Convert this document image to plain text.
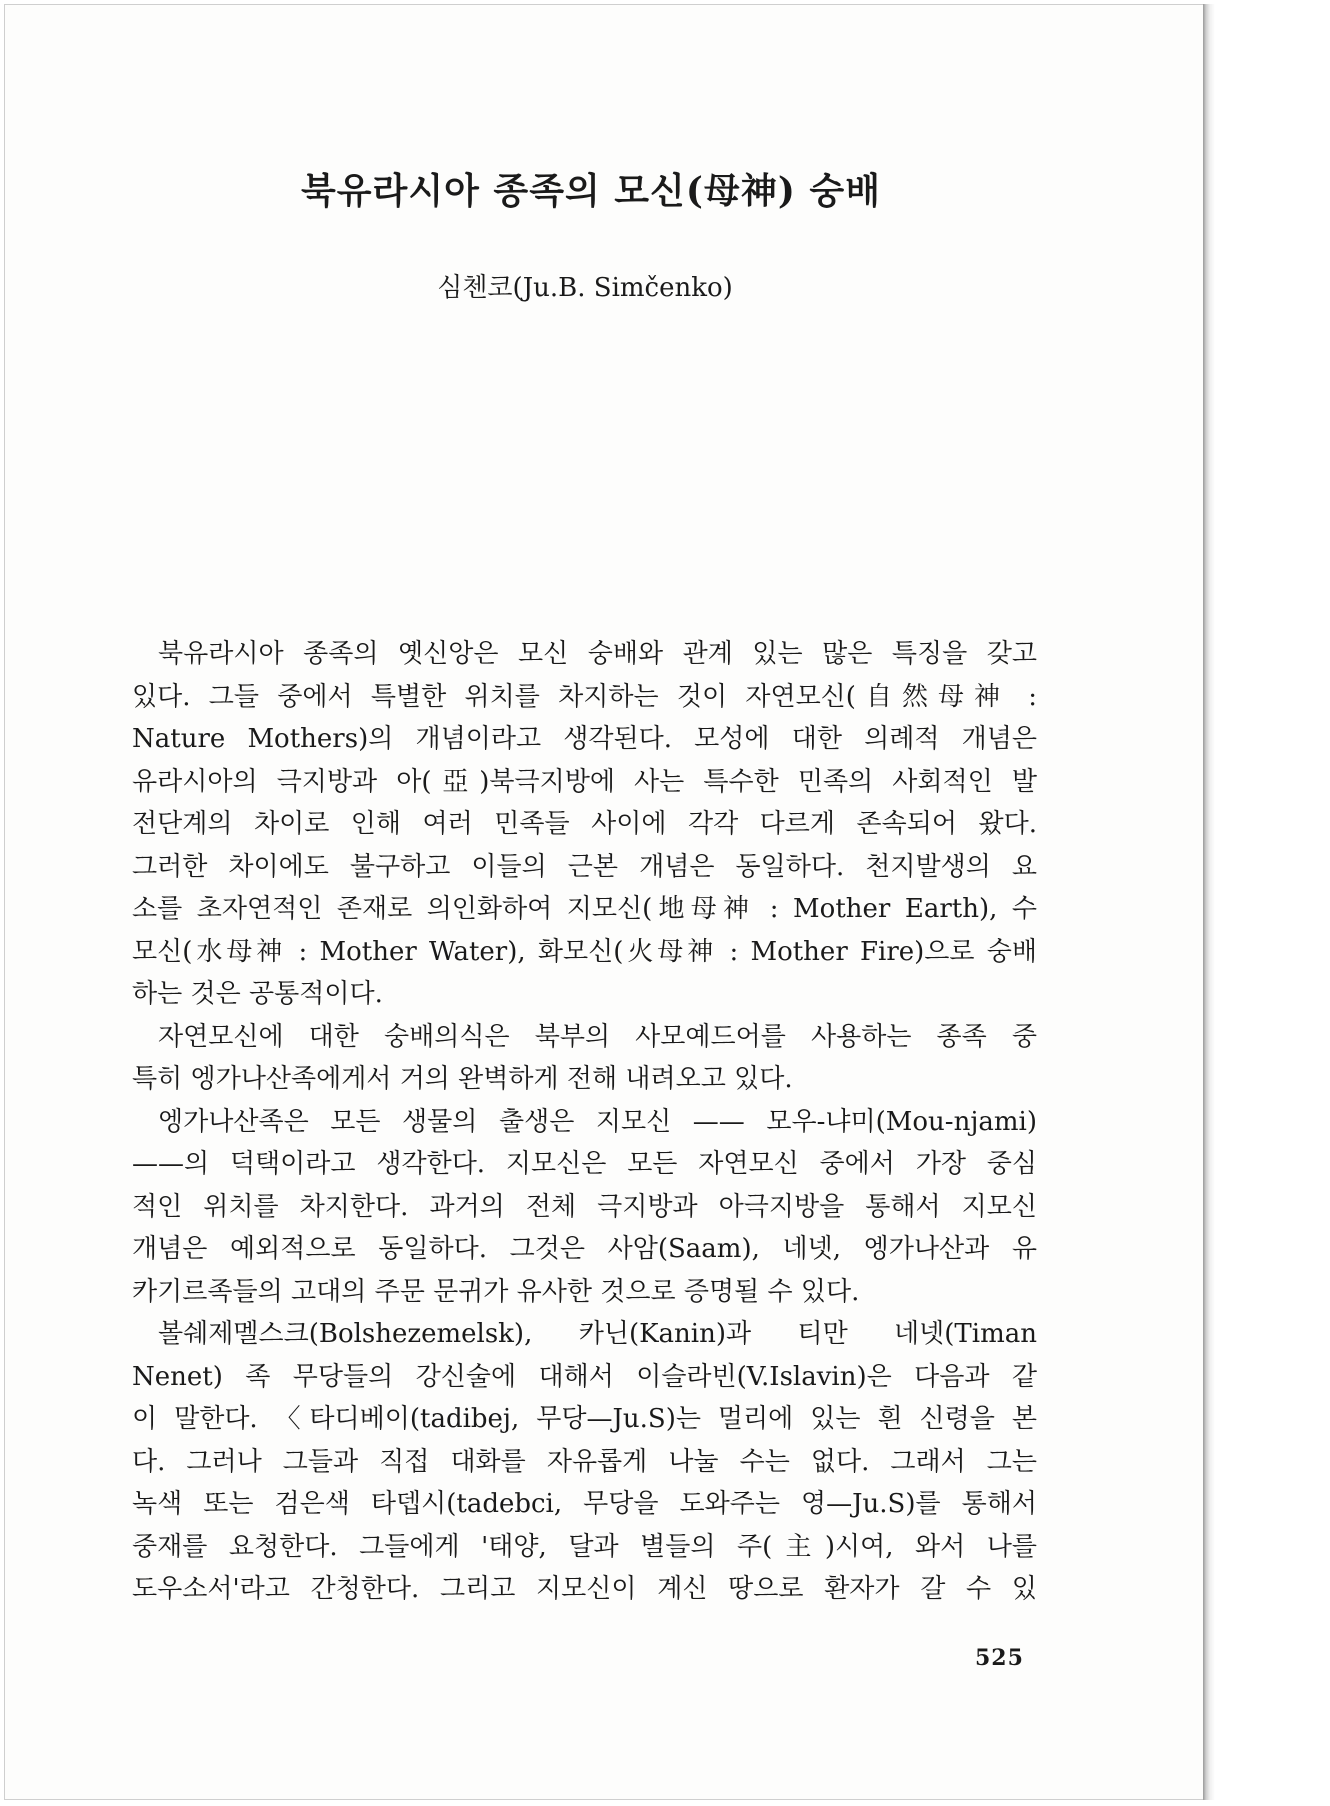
북유라시아 종족의 모신(母神) 숭배
심첸코(Ju.B. Simčenko)
북유라시아 종족의 옛신앙은 모신 숭배와 관계 있는 많은 특징을 갖고
있다. 그들 중에서 특별한 위치를 차지하는 것이 자연모신(自然母神 :
Nature Mothers)의 개념이라고 생각된다. 모성에 대한 의례적 개념은
유라시아의 극지방과 아(亞)북극지방에 사는 특수한 민족의 사회적인 발
전단계의 차이로 인해 여러 민족들 사이에 각각 다르게 존속되어 왔다.
그러한 차이에도 불구하고 이들의 근본 개념은 동일하다. 천지발생의 요
소를 초자연적인 존재로 의인화하여 지모신(地母神 : Mother Earth), 수
모신(水母神 : Mother Water), 화모신(火母神 : Mother Fire)으로 숭배
하는 것은 공통적이다.
자연모신에 대한 숭배의식은 북부의 사모예드어를 사용하는 종족 중
특히 엥가나산족에게서 거의 완벽하게 전해 내려오고 있다.
엥가나산족은 모든 생물의 출생은 지모신 —— 모우-냐미(Mou-njami)
——의 덕택이라고 생각한다. 지모신은 모든 자연모신 중에서 가장 중심
적인 위치를 차지한다. 과거의 전체 극지방과 아극지방을 통해서 지모신
개념은 예외적으로 동일하다. 그것은 사암(Saam), 네넷, 엥가나산과 유
카기르족들의 고대의 주문 문귀가 유사한 것으로 증명될 수 있다.
볼쉐제멜스크(Bolshezemelsk), 카닌(Kanin)과 티만 네넷(Timan
Nenet) 족 무당들의 강신술에 대해서 이슬라빈(V.Islavin)은 다음과 같
이 말한다. 〈타디베이(tadibej, 무당—Ju.S)는 멀리에 있는 흰 신령을 본
다. 그러나 그들과 직접 대화를 자유롭게 나눌 수는 없다. 그래서 그는
녹색 또는 검은색 타뎁시(tadebci, 무당을 도와주는 영—Ju.S)를 통해서
중재를 요청한다. 그들에게 '태양, 달과 별들의 주(主)시여, 와서 나를
도우소서'라고 간청한다. 그리고 지모신이 계신 땅으로 환자가 갈 수 있
525
